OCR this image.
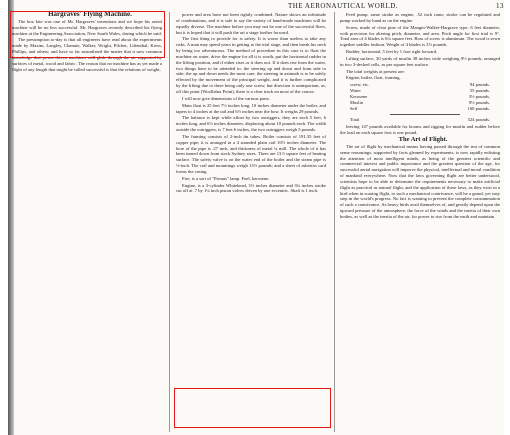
THE AERONAUTICAL WORLD.	13

Hargraves' Flying Machine.

The box kite was one of Mr. Hargraves' inventions and we hope his aerial machine will be no less successful. Mr. Hargraves recently described his flying machine at the Engineering Association, New South Wales, during which he said:

The presumption to-day is that all engineers have read about the experiments made by Maxim, Langley, Chanute, Walker, Wright, Pilcher, Lilienthal, Kress, Phillips, and others; and have so far assimilated the matter that it now common knowledge that power-driven machines will glide through the air supported by surfaces of metal, wood and fabric. The reason that no machine has as yet made a flight of any length that might be called successful is that the relations of weight,

power and area have not been rightly combined. Nature shows an infinitude of combinations, and it is safe to say the variety of hand-made machines will be equally diverse. The machine before you may not be one of the successful fliers, but it is hoped that it will push the art a stage further forward.

The first thing to provide for is safety. It is worse than useless to take any risks. A man may spend years in getting to the trial stage, and then break his neck by being too adventurous. The method of procedure in this case is to float the machine on water, drive the engine for all it is worth, put the horizontal rudder in the lifting position, and if either rises or it does not. If it does rise from the water, two things have to be attended to; the steering up and down and from side to side; the up and down needs the most care; the steering in azimuth is to be safely effected by the movement of the principal weight, and it is further complicated by the lifting due to there being only one screw, but direction is unimportant, as, off this point (Woollahra Point), there is a clear track on most of the course.

I will now give dimensions of the various parts:

Main float is 25 feet 7½ inches long, 10 inches diameter under the boiler, and tapers to 4 inches at the tail and 6½ inches near the bow. It weighs 29 pounds.

The balance is kept while afloat by two outriggers, they are each 5 feet, 6 inches long, and 6½ inches diameter, displacing about 10 pounds each. The width outside the outriggers, is 7 feet 6 inches, the two outriggers weigh 5 pounds.

The framing consists of 2-inch tin tubes. Boiler consists of 191.35 feet of copper pipe; it is arranged in a 4 stranded plain coil 10½ inches diameter. The bore of the pipe is .27 inch, and thickness of metal ¼ mill. The whole of it has been turned down from stock Sydney sizes. There are 13.5 square feet of heating surface. The safety valve is on the water end of the boiler and the steam pipe is ½-inch. The coil and mountings weigh 13½ pounds; and a sheet of asbestos card forms the casing.

Fire, is a sort of "Primus" lamp. Fuel, kerosene.

Engine, is a 3-cylinder Whitehead, 3½ inches diameter and 3¾ inches stroke cut off at .7 by 1¼ inch piston valves driven by one eccentric. Shaft is 1 inch.

Feed pump, same stroke as engine, .52 inch rams; stroke can be regulated and pump worked by hand as on the engine.

Screw, made of clear pine of the Mangin-Walker-Hargrave type, 6 feet diameter, with provision for altering pitch, diameter, and area. Pitch angle for first trial is 9°. Total area of 4 blades is 6¼ square feet. Boss of screw is aluminum. The wood is sewn together saddler fashion. Weight of 4 blades is 3½ pounds.

Rudder, horizontal, 5 feet by 1 foot right forward.

Lifting surface, 30 yards of muslin 38 inches wide weighing 9½ pounds, arranged in two 3-decked cells, as per square feet surface.

The total weights at present are:

Engine, boiler, float, framing,

screw, etc.	94 pounds.
Water	55 pounds.
Kerosene	3½ pounds.
Muslin	9½ pounds.
Self	160 pounds.
Total	324 pounds.

leaving 147 pounds available for booms and rigging for muslin and rudder before the load on each square foot is one pound.

The Art of Flight.

The art of flight by mechanical means having passed through the test of common sense reasonings, supported by facts gleaned by experiments, is now rapidly enlisting the attention of most intelligent minds, as being of the greatest scientific and commercial interest and public importance and the greatest question of the age, for successful aerial navigation will improve the physical, intellectual and moral condition of mankind everywhere. Now that the laws governing flight are better understood, scientists hope to be able to determine the requirements necessary to make artificial flight as practical as natural flight, and the application of these laws, as they exist in a bird when in soaring flight, to such a mechanical contrivance, will be a grand, yet easy step in the world's progress. No fact is wanting to prevent the complete consummation of such a contrivance. As heavy birds avail themselves of, and greatly depend upon the upward pressure of the atmosphere, the force of the winds and the inertia of their own bodies, as well as the inertia of the air, for power to rise from the earth and maintain
